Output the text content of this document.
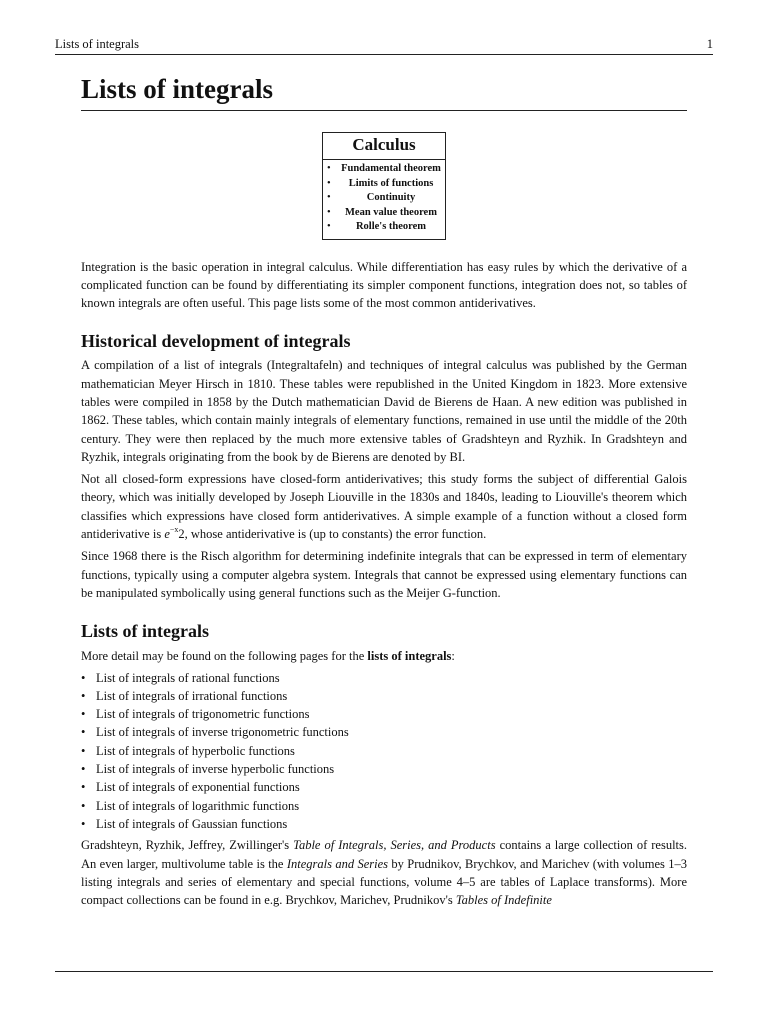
Lists of integrals	1
Lists of integrals
Calculus
• Fundamental theorem
• Limits of functions
• Continuity
• Mean value theorem
• Rolle's theorem

Integration is the basic operation in integral calculus. While differentiation has easy rules by which the derivative of a complicated function can be found by differentiating its simpler component functions, integration does not, so tables of known integrals are often useful. This page lists some of the most common antiderivatives.

Historical development of integrals

A compilation of a list of integrals (Integraltafeln) and techniques of integral calculus was published by the German mathematician Meyer Hirsch in 1810. These tables were republished in the United Kingdom in 1823. More extensive tables were compiled in 1858 by the Dutch mathematician David de Bierens de Haan. A new edition was published in 1862. These tables, which contain mainly integrals of elementary functions, remained in use until the middle of the 20th century. They were then replaced by the much more extensive tables of Gradshteyn and Ryzhik. In Gradshteyn and Ryzhik, integrals originating from the book by de Bierens are denoted by BI.

Not all closed-form expressions have closed-form antiderivatives; this study forms the subject of differential Galois theory, which was initially developed by Joseph Liouville in the 1830s and 1840s, leading to Liouville's theorem which classifies which expressions have closed form antiderivatives. A simple example of a function without a closed form antiderivative is $e^{-x}2$, whose antiderivative is (up to constants) the error function.

Since 1968 there is the Risch algorithm for determining indefinite integrals that can be expressed in term of elementary functions, typically using a computer algebra system. Integrals that cannot be expressed using elementary functions can be manipulated symbolically using general functions such as the Meijer G-function.

Lists of integrals

More detail may be found on the following pages for the lists of integrals:

• List of integrals of rational functions
• List of integrals of irrational functions
• List of integrals of trigonometric functions
• List of integrals of inverse trigonometric functions
• List of integrals of hyperbolic functions
• List of integrals of inverse hyperbolic functions
• List of integrals of exponential functions
• List of integrals of logarithmic functions
• List of integrals of Gaussian functions

Gradshteyn, Ryzhik, Jeffrey, Zwillinger's Table of Integrals, Series, and Products contains a large collection of results. An even larger, multivolume table is the Integrals and Series by Prudnikov, Brychkov, and Marichev (with volumes 1–3 listing integrals and series of elementary and special functions, volume 4–5 are tables of Laplace transforms). More compact collections can be found in e.g. Brychkov, Marichev, Prudnikov's Tables of Indefinite
